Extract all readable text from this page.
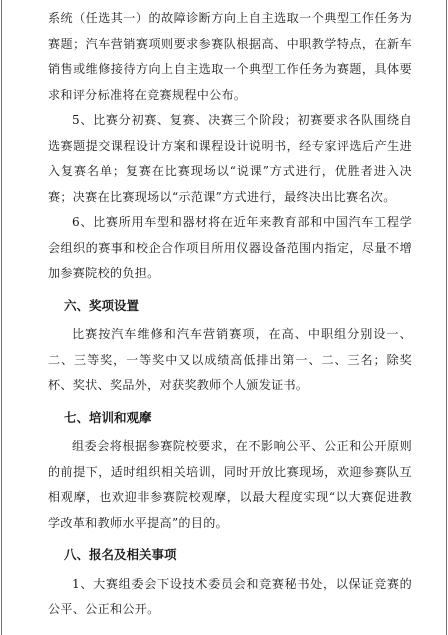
系统（任选其一）的故障诊断方向上自主选取一个典型工作任务为赛题；汽车营销赛项则要求参赛队根据高、中职教学特点，在新车销售或维修接待方向上自主选取一个典型工作任务为赛题，具体要求和评分标准将在竞赛规程中公布。

5、比赛分初赛、复赛、决赛三个阶段；初赛要求各队围绕自选赛题提交课程设计方案和课程设计说明书，经专家评选后产生进入复赛名单；复赛在比赛现场以“说课”方式进行，优胜者进入决赛；决赛在比赛现场以“示范课”方式进行，最终决出比赛名次。

6、比赛所用车型和器材将在近年来教育部和中国汽车工程学会组织的赛事和校企合作项目所用仪器设备范围内指定，尽量不增加参赛院校的负担。

六、奖项设置

比赛按汽车维修和汽车营销赛项，在高、中职组分别设一、二、三等奖，一等奖中又以成绩高低排出第一、二、三名；除奖杯、奖状、奖品外，对获奖教师个人颁发证书。

七、培训和观摩

组委会将根据参赛院校要求，在不影响公平、公正和公开原则的前提下，适时组织相关培训，同时开放比赛现场，欢迎参赛队互相观摩，也欢迎非参赛院校观摩，以最大程度实现“以大赛促进教学改革和教师水平提高”的目的。

八、报名及相关事项

1、大赛组委会下设技术委员会和竞赛秘书处，以保证竞赛的公平、公正和公开。
